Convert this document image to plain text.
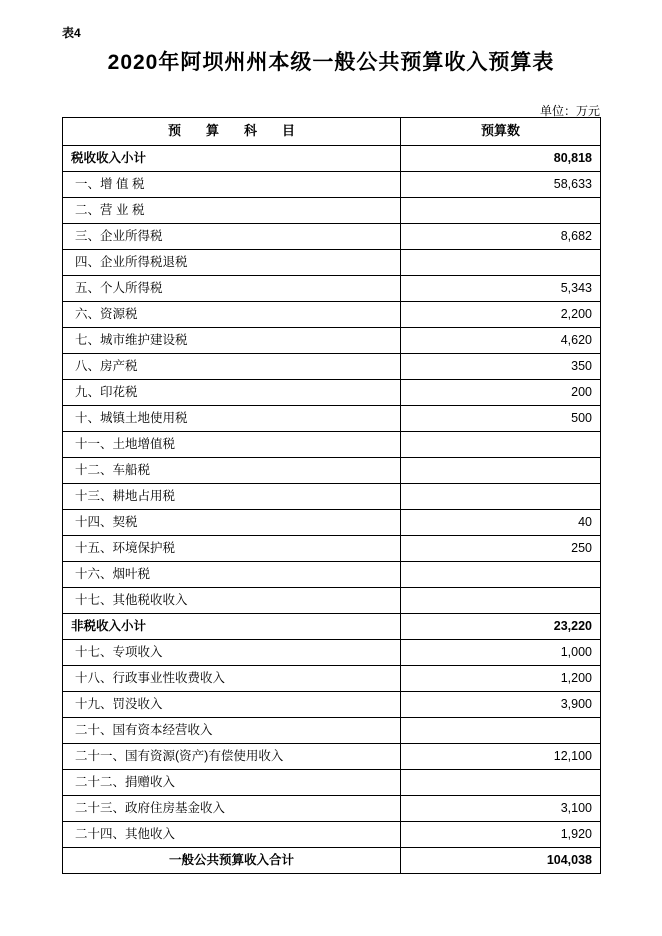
表4
2020年阿坝州州本级一般公共预算收入预算表
单位：万元
预　算　科　目	预算数
税收收入小计	80,818
一、增 值 税	58,633
二、营 业 税	
三、企业所得税	8,682
四、企业所得税退税	
五、个人所得税	5,343
六、资源税	2,200
七、城市维护建设税	4,620
八、房产税	350
九、印花税	200
十、城镇土地使用税	500
十一、土地增值税	
十二、车船税	
十三、耕地占用税	
十四、契税	40
十五、环境保护税	250
十六、烟叶税	
十七、其他税收收入	
非税收入小计	23,220
十七、专项收入	1,000
十八、行政事业性收费收入	1,200
十九、罚没收入	3,900
二十、国有资本经营收入	
二十一、国有资源(资产)有偿使用收入	12,100
二十二、捐赠收入	
二十三、政府住房基金收入	3,100
二十四、其他收入	1,920
一般公共预算收入合计	104,038
